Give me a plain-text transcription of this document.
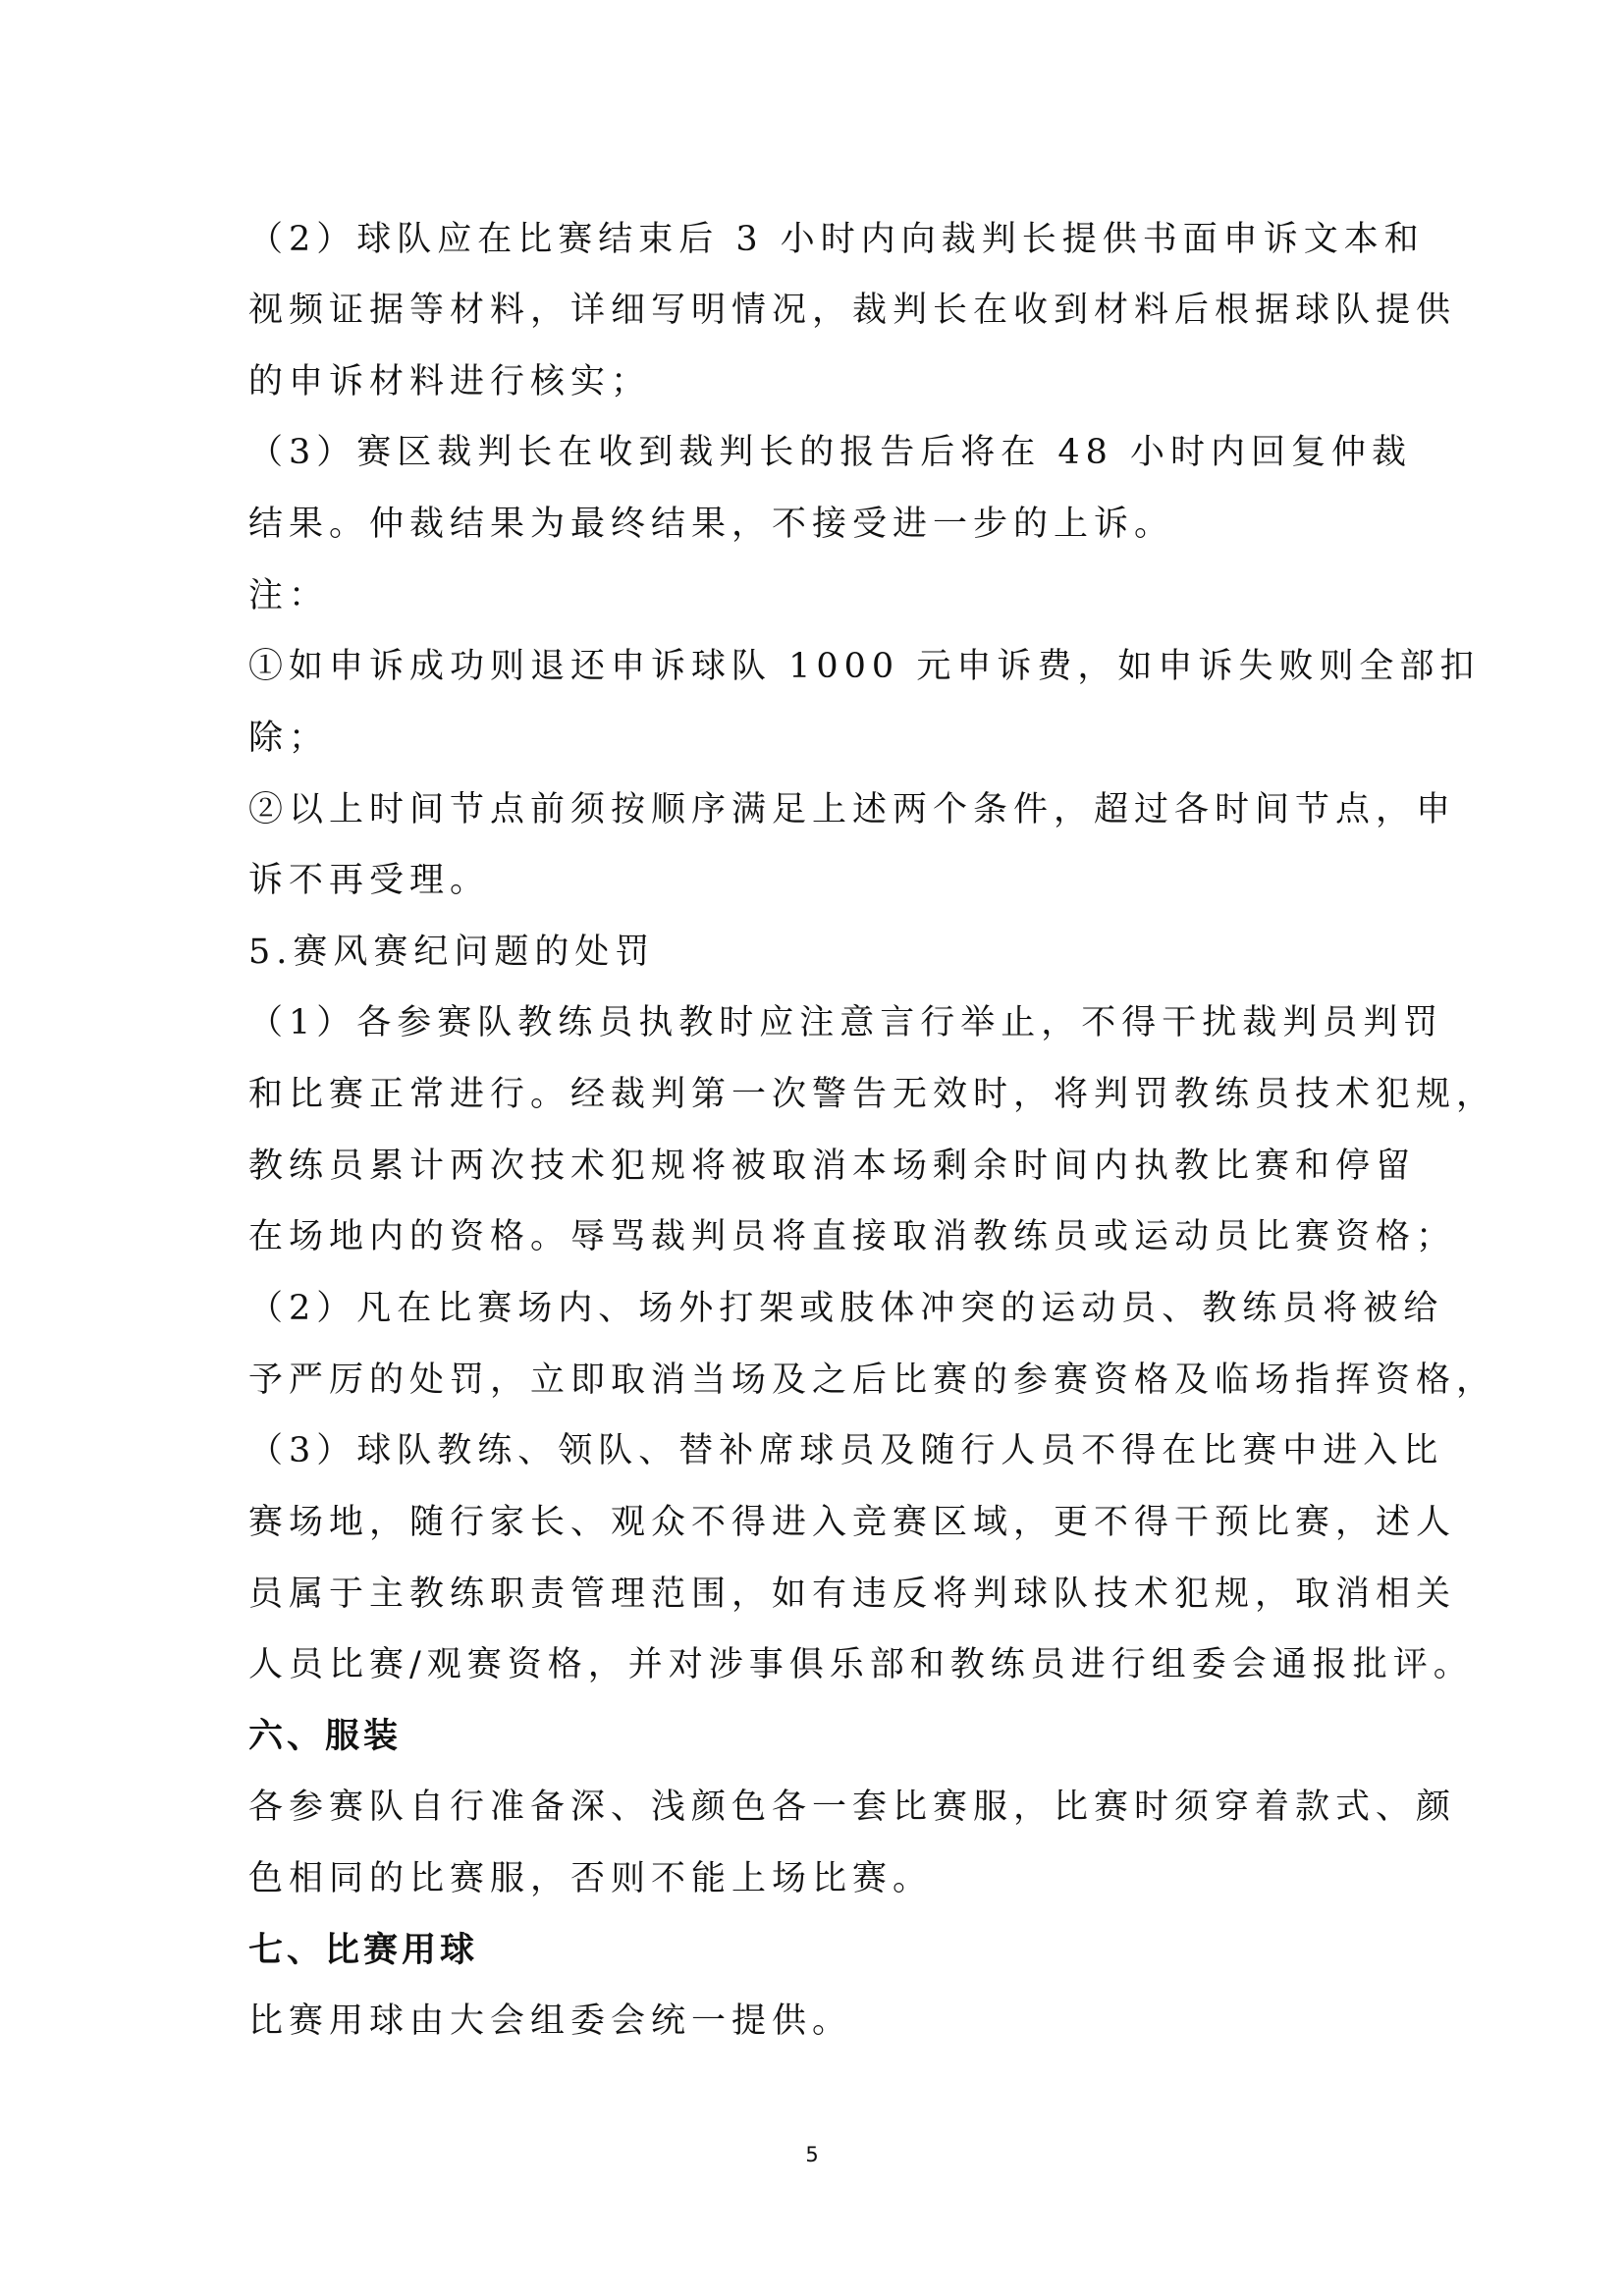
（2）球队应在比赛结束后 3 小时内向裁判长提供书面申诉文本和
视频证据等材料，详细写明情况，裁判长在收到材料后根据球队提供
的申诉材料进行核实；
（3）赛区裁判长在收到裁判长的报告后将在 48 小时内回复仲裁
结果。仲裁结果为最终结果，不接受进一步的上诉。
注：
①如申诉成功则退还申诉球队 1000 元申诉费，如申诉失败则全部扣
除；
②以上时间节点前须按顺序满足上述两个条件，超过各时间节点，申
诉不再受理。
5.赛风赛纪问题的处罚
（1）各参赛队教练员执教时应注意言行举止，不得干扰裁判员判罚
和比赛正常进行。经裁判第一次警告无效时，将判罚教练员技术犯规，
教练员累计两次技术犯规将被取消本场剩余时间内执教比赛和停留
在场地内的资格。辱骂裁判员将直接取消教练员或运动员比赛资格；
（2）凡在比赛场内、场外打架或肢体冲突的运动员、教练员将被给
予严厉的处罚，立即取消当场及之后比赛的参赛资格及临场指挥资格，
（3）球队教练、领队、替补席球员及随行人员不得在比赛中进入比
赛场地，随行家长、观众不得进入竞赛区域，更不得干预比赛，述人
员属于主教练职责管理范围，如有违反将判球队技术犯规，取消相关
人员比赛/观赛资格，并对涉事俱乐部和教练员进行组委会通报批评。
六、服装
各参赛队自行准备深、浅颜色各一套比赛服，比赛时须穿着款式、颜
色相同的比赛服，否则不能上场比赛。
七、比赛用球
比赛用球由大会组委会统一提供。
5
